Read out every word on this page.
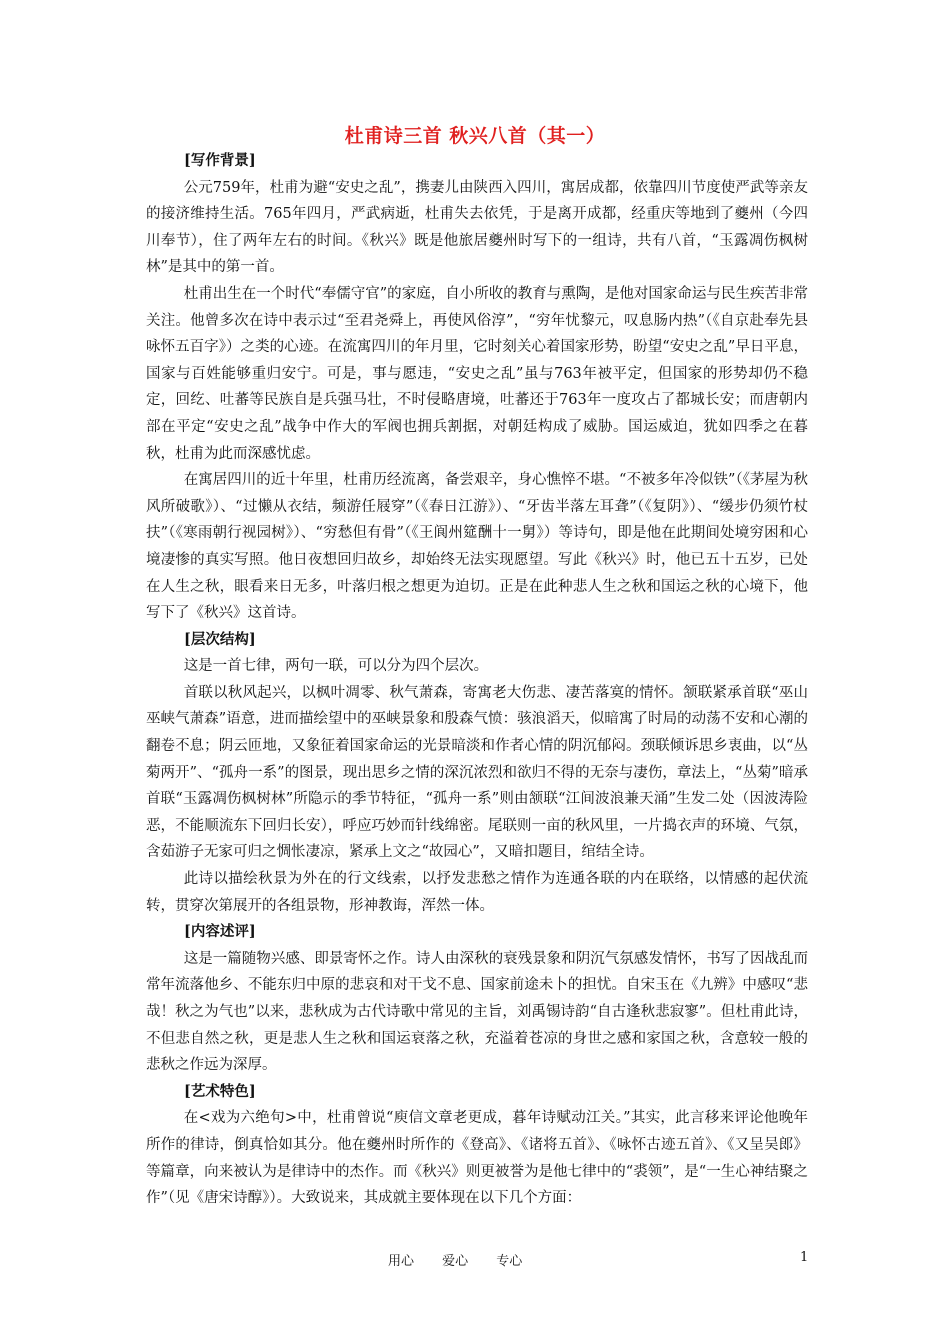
杜甫诗三首 秋兴八首（其一）

[写作背景]

公元759年，杜甫为避“安史之乱”，携妻儿由陕西入四川，寓居成都，依靠四川节度使严武等亲友的接济维持生活。765年四月，严武病逝，杜甫失去依凭，于是离开成都，经重庆等地到了夔州（今四川奉节），住了两年左右的时间。《秋兴》既是他旅居夔州时写下的一组诗，共有八首，“玉露凋伤枫树林”是其中的第一首。

杜甫出生在一个时代“奉儒守官”的家庭，自小所收的教育与熏陶，是他对国家命运与民生疾苦非常关注。他曾多次在诗中表示过“至君尧舜上，再使风俗淳”，“穷年忧黎元，叹息肠内热”（《自京赴奉先县咏怀五百字》）之类的心迹。在流寓四川的年月里，它时刻关心着国家形势，盼望“安史之乱”早日平息，国家与百姓能够重归安宁。可是，事与愿违，“安史之乱”虽与763年被平定，但国家的形势却仍不稳定，回纥、吐蕃等民族自是兵强马壮，不时侵略唐境，吐蕃还于763年一度攻占了都城长安；而唐朝内部在平定“安史之乱”战争中作大的军阀也拥兵割据，对朝廷构成了威胁。国运威迫，犹如四季之在暮秋，杜甫为此而深感忧虑。

在寓居四川的近十年里，杜甫历经流离，备尝艰辛，身心憔悴不堪。“不被多年冷似铁”（《茅屋为秋风所破歌》）、“过懒从衣结，频游任屐穿”（《春日江游》）、“牙齿半落左耳聋”（《复阴》）、“缓步仍须竹杖扶”（《寒雨朝行视园树》）、“穷愁但有骨”（《王阆州筵酬十一舅》）等诗句，即是他在此期间处境穷困和心境凄惨的真实写照。他日夜想回归故乡，却始终无法实现愿望。写此《秋兴》时，他已五十五岁，已处在人生之秋，眼看来日无多，叶落归根之想更为迫切。正是在此种悲人生之秋和国运之秋的心境下，他写下了《秋兴》这首诗。

[层次结构]

这是一首七律，两句一联，可以分为四个层次。

首联以秋风起兴，以枫叶凋零、秋气萧森，寄寓老大伤悲、凄苦落寞的情怀。颔联紧承首联“巫山巫峡气萧森”语意，进而描绘望中的巫峡景象和殷森气愤：骇浪滔天，似暗寓了时局的动荡不安和心潮的翻卷不息；阴云匝地，又象征着国家命运的光景暗淡和作者心情的阴沉郁闷。颈联倾诉思乡衷曲，以“丛菊两开”、“孤舟一系”的图景，现出思乡之情的深沉浓烈和欲归不得的无奈与凄伤，章法上，“丛菊”暗承首联“玉露凋伤枫树林”所隐示的季节特征，“孤舟一系”则由颔联“江间波浪兼天涌”生发二处（因波涛险恶，不能顺流东下回归长安），呼应巧妙而针线绵密。尾联则一亩的秋风里，一片捣衣声的环境、气氛，含茹游子无家可归之惆怅凄凉，紧承上文之“故园心”，又暗扣题目，绾结全诗。

此诗以描绘秋景为外在的行文线索，以抒发悲愁之情作为连通各联的内在联络，以情感的起伏流转，贯穿次第展开的各组景物，形神教诲，浑然一体。

[内容述评]

这是一篇随物兴感、即景寄怀之作。诗人由深秋的衰残景象和阴沉气氛感发情怀，书写了因战乱而常年流落他乡、不能东归中原的悲哀和对干戈不息、国家前途未卜的担忧。自宋玉在《九辨》中感叹“悲哉！秋之为气也”以来，悲秋成为古代诗歌中常见的主旨，刘禹锡诗韵“自古逢秋悲寂寥”。但杜甫此诗，不但悲自然之秋，更是悲人生之秋和国运衰落之秋，充溢着苍凉的身世之感和家国之秋，含意较一般的悲秋之作远为深厚。

[艺术特色]

在<戏为六绝句>中，杜甫曾说“庾信文章老更成，暮年诗赋动江关。”其实，此言移来评论他晚年所作的律诗，倒真恰如其分。他在夔州时所作的《登高》、《诸将五首》、《咏怀古迹五首》、《又呈吴郎》等篇章，向来被认为是律诗中的杰作。而《秋兴》则更被誉为是他七律中的“裘领”，是“一生心神结聚之作”（见《唐宋诗醇》）。大致说来，其成就主要体现在以下几个方面：

用心 爱心 专心	1
